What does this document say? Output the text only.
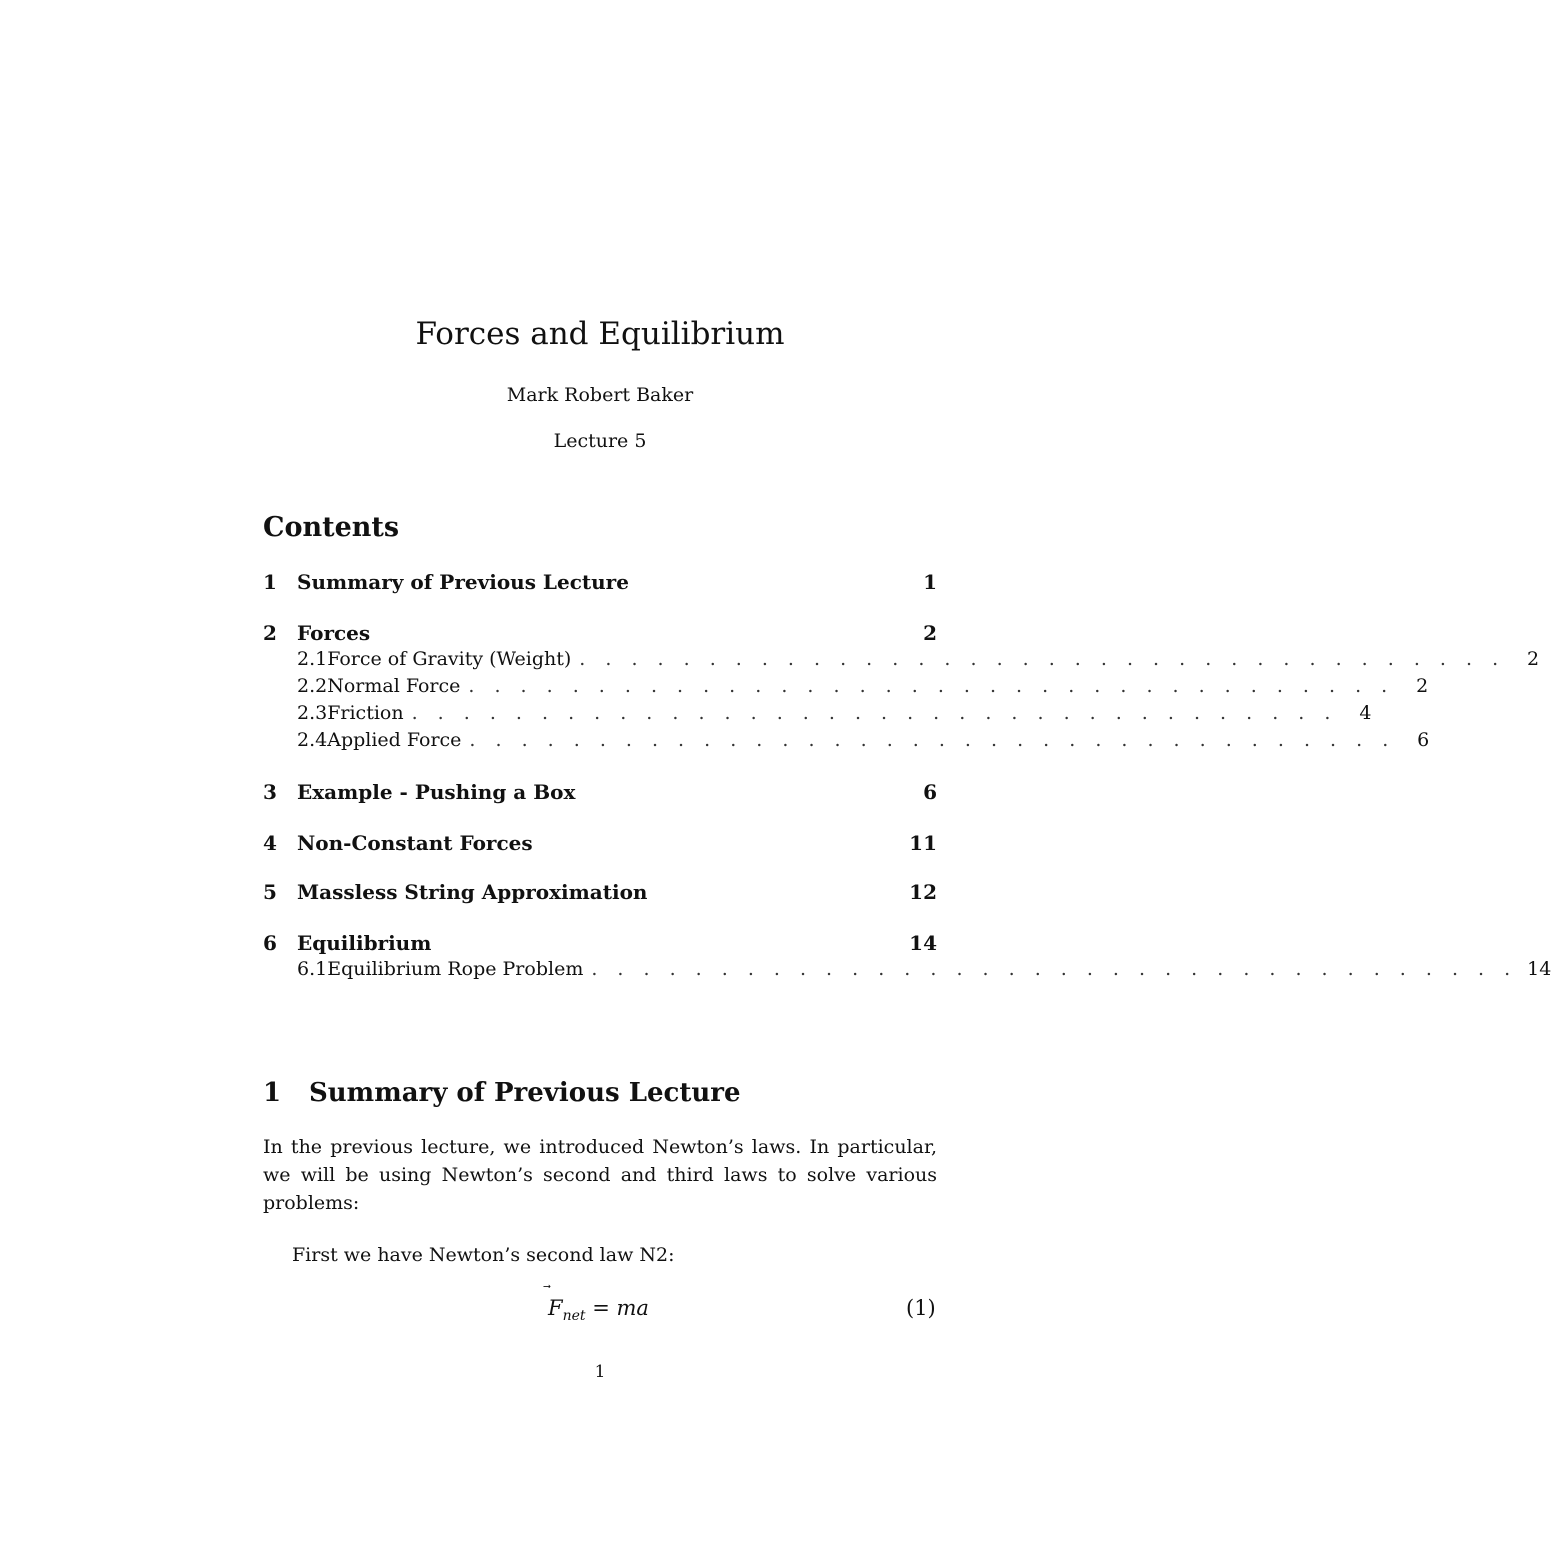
Forces and Equilibrium
Mark Robert Baker
Lecture 5
Contents
1	Summary of Previous Lecture	1
2	Forces	2
2.1 Force of Gravity (Weight) . . . . . . . . . . . . . . . . . . . . . . . . . . . . . . . . . . . .	2
2.2 Normal Force . . . . . . . . . . . . . . . . . . . . . . . . . . . . . . . . . . . .	2
2.3 Friction . . . . . . . . . . . . . . . . . . . . . . . . . . . . . . . . . . . .	4
2.4 Applied Force . . . . . . . . . . . . . . . . . . . . . . . . . . . . . . . . . . . .	6
3	Example - Pushing a Box	6
4	Non-Constant Forces	11
5	Massless String Approximation	12
6	Equilibrium	14
6.1 Equilibrium Rope Problem . . . . . . . . . . . . . . . . . . . . . . . . . . . . . . . . . . . . 14
1 Summary of Previous Lecture
In the previous lecture, we introduced Newton’s laws. In particular, we will be using Newton’s second and third laws to solve various problems:
First we have Newton’s second law N2:
$F_{net}$ = ma	(1)
1
